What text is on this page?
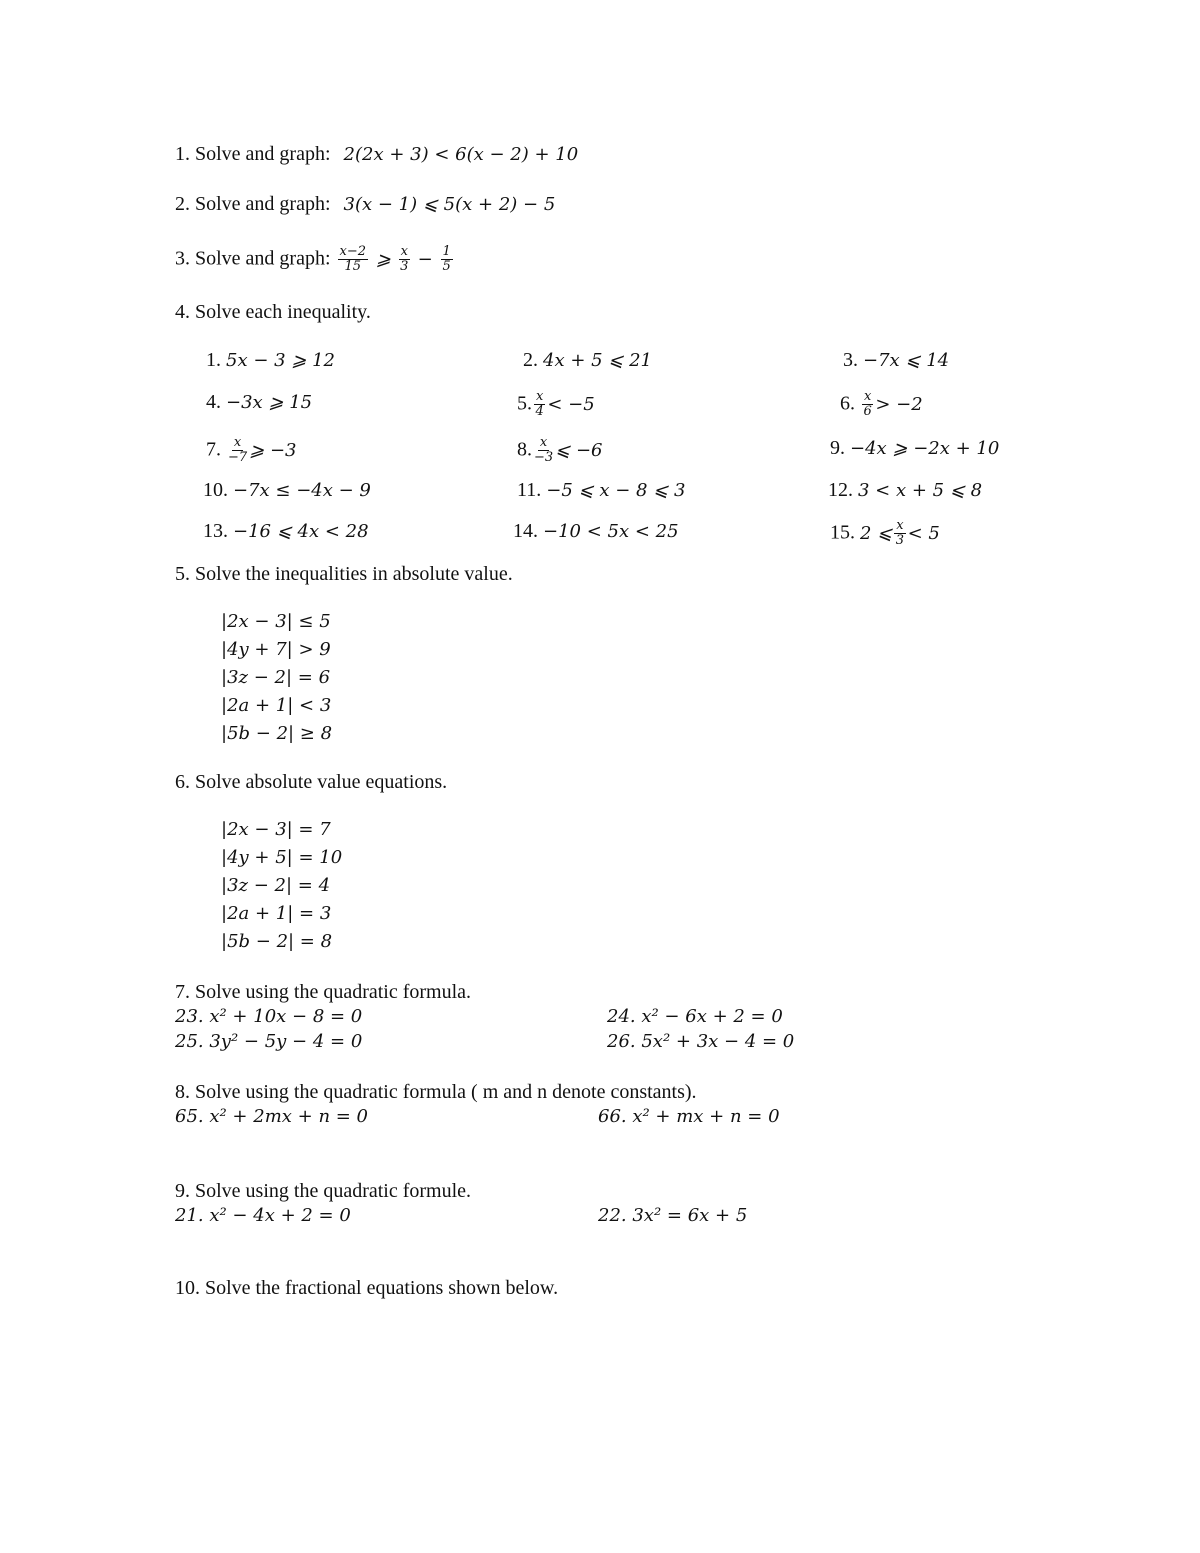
1. Solve and graph: 2(2x + 3) < 6(x − 2) + 10
2. Solve and graph: 3(x − 1) ⩽ 5(x + 2) − 5
3. Solve and graph: $\frac{x-2}{15}$ ⩾ $\frac{x}{3} - \frac{1}{5}$
4. Solve each inequality.
1. 5x − 3 ⩾ 12	2. 4x + 5 ⩽ 21	3. −7x ⩽ 14
4. −3x ⩾ 15	5. $\frac{x}{4} < -5$	6. $\frac{x}{6} > -2$
7. $\frac{x}{-7}$ ⩾ −3	8. $\frac{x}{-3}$ ⩽ −6	9. −4x ⩾ −2x + 10
10. −7x ≤ −4x − 9	11. −5 ⩽ x − 8 ⩽ 3	12. 3 < x + 5 ⩽ 8
13. −16 ⩽ 4x < 28	14. −10 < 5x < 25	15. 2 ⩽ $\frac{x}{3} < 5$
5. Solve the inequalities in absolute value.
|2x − 3| ≤ 5
|4y + 7| > 9
|3z − 2| = 6
|2a + 1| < 3
|5b − 2| ≥ 8
6. Solve absolute value equations.
|2x − 3| = 7
|4y + 5| = 10
|3z − 2| = 4
|2a + 1| = 3
|5b − 2| = 8
7. Solve using the quadratic formula.
23. x² + 10x − 8 = 0	24. x² − 6x + 2 = 0
25. 3y² − 5y − 4 = 0	26. 5x² + 3x − 4 = 0
8. Solve using the quadratic formula ( m and n denote constants).
65. x² + 2mx + n = 0	66. x² + mx + n = 0
9. Solve using the quadratic formule.
21. x² − 4x + 2 = 0	22. 3x² = 6x + 5
10. Solve the fractional equations shown below.
